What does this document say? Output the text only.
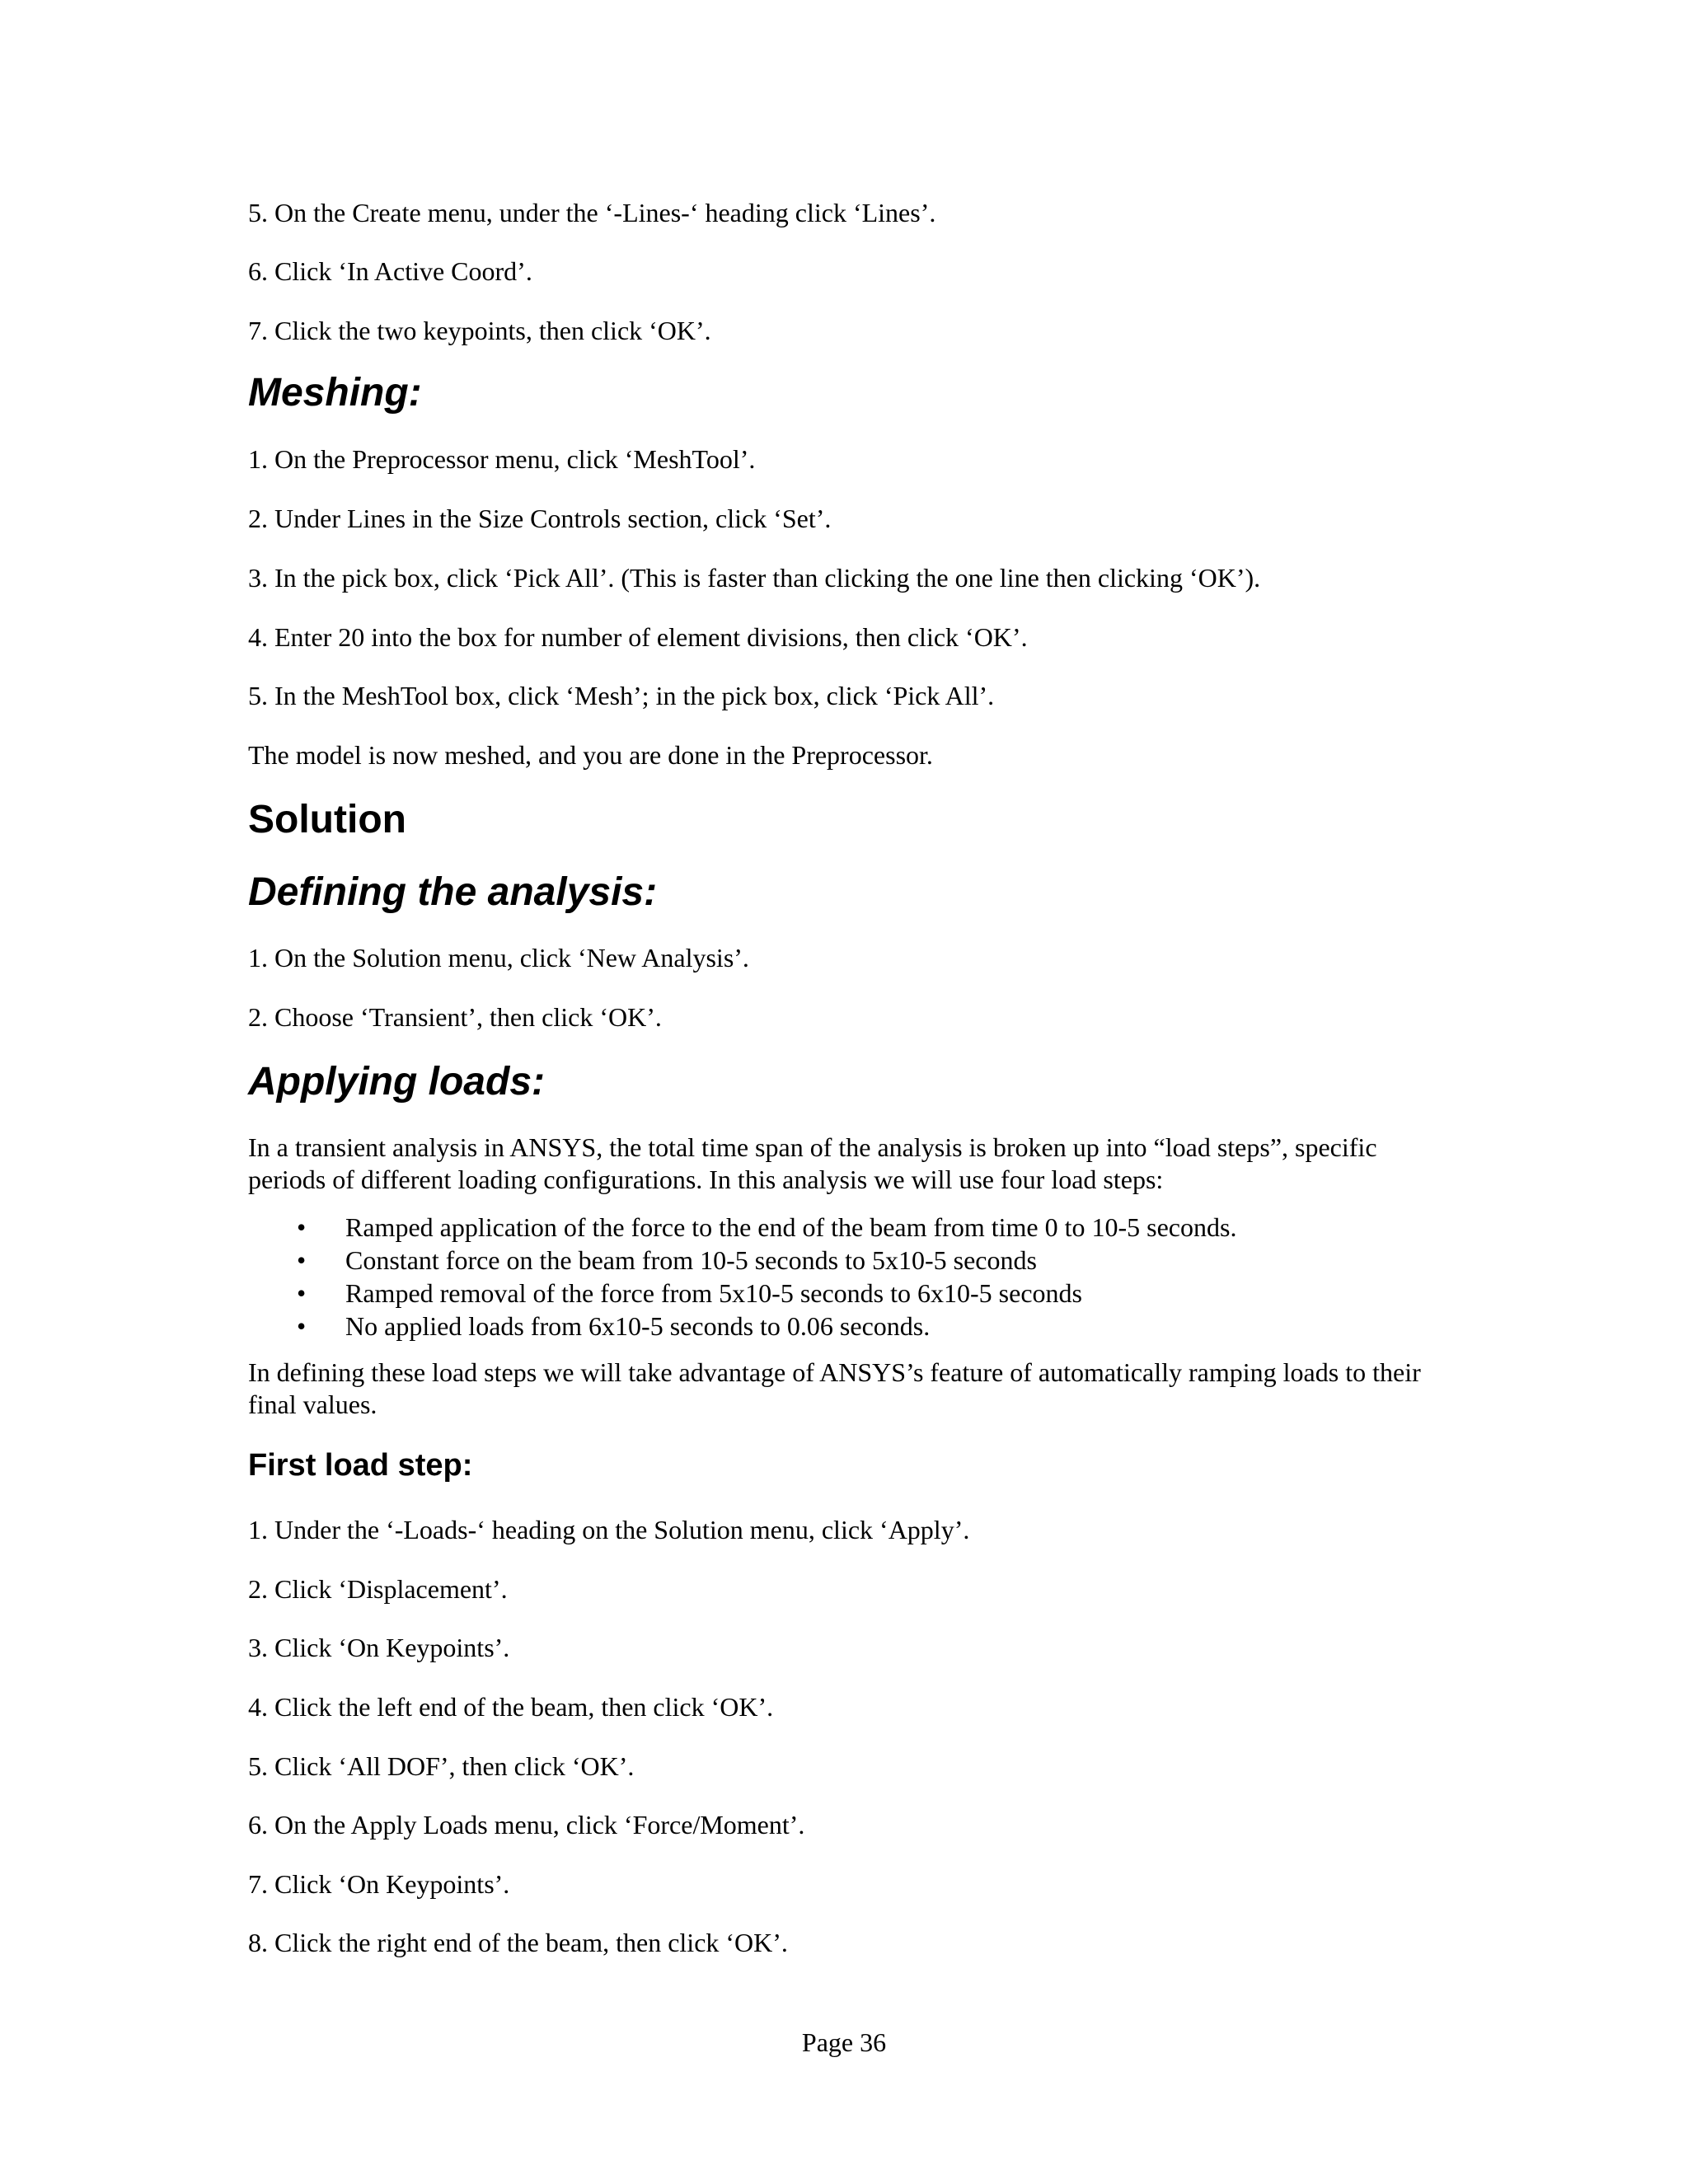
5. On the Create menu, under the ‘-Lines-‘ heading click ‘Lines’.

6. Click ‘In Active Coord’.

7. Click the two keypoints, then click ‘OK’.

Meshing:

1. On the Preprocessor menu, click ‘MeshTool’.

2. Under Lines in the Size Controls section, click ‘Set’.

3. In the pick box, click ‘Pick All’. (This is faster than clicking the one line then clicking ‘OK’).

4. Enter 20 into the box for number of element divisions, then click ‘OK’.

5. In the MeshTool box, click ‘Mesh’; in the pick box, click ‘Pick All’.

The model is now meshed, and you are done in the Preprocessor.

Solution
Defining the analysis:

1. On the Solution menu, click ‘New Analysis’.

2. Choose ‘Transient’, then click ‘OK’.

Applying loads:

In a transient analysis in ANSYS, the total time span of the analysis is broken up into “load steps”, specific periods of different loading configurations. In this analysis we will use four load steps:

• Ramped application of the force to the end of the beam from time 0 to 10-5 seconds.
• Constant force on the beam from 10-5 seconds to 5x10-5 seconds
• Ramped removal of the force from 5x10-5 seconds to 6x10-5 seconds
• No applied loads from 6x10-5 seconds to 0.06 seconds.

In defining these load steps we will take advantage of ANSYS’s feature of automatically ramping loads to their final values.

First load step:

1. Under the ‘-Loads-‘ heading on the Solution menu, click ‘Apply’.

2. Click ‘Displacement’.

3. Click ‘On Keypoints’.

4. Click the left end of the beam, then click ‘OK’.

5. Click ‘All DOF’, then click ‘OK’.

6. On the Apply Loads menu, click ‘Force/Moment’.

7. Click ‘On Keypoints’.

8. Click the right end of the beam, then click ‘OK’.

Page 36
